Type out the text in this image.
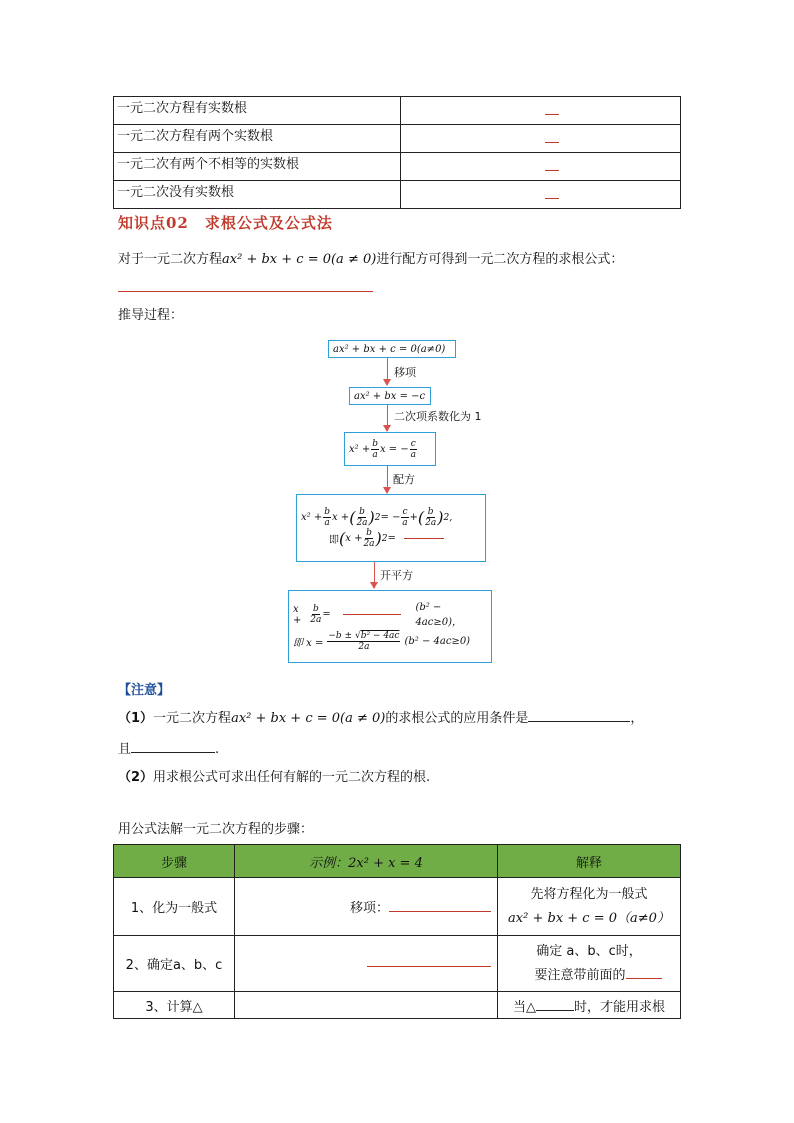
一元二次方程有实数根	

一元二次方程有两个实数根	

一元二次有两个不相等的实数根	

一元二次没有实数根	
知识点02 求根公式及公式法
对于一元二次方程ax² + bx + c = 0(a ≠ 0)进行配方可得到一元二次方程的求根公式：
推导过程：
ax² + bx + c = 0(a≠0)
移项
ax² + bx = −c
二次项系数化为 1
$x^2 + \frac{b}{a}$ x = − $\frac{c}{a}$
配方
$x^2 + \frac{b}{a}$ x + ( $\frac{b}{2a}$ ) 2 = − $\frac{c}{a}$ + ( $\frac{b}{2a}$ ) 2 ,
即 ( $x + \frac{b}{2a}$ ) 2 =
开平方
$x + \frac{b}{2a}$ =
(b² − 4ac≥0)，
即 $x = \frac{\text{−b ± √b² − 4ac}}{2a} (b^2 - 4ac\ge 0)$
【注意】
（1）一元二次方程ax² + bx + c = 0(a ≠ 0)的求根公式的应用条件是	，
且	.
（2）用求根公式可求出任何有解的一元二次方程的根.
用公式法解一元二次方程的步骤：
步骤	示例：2x² + x = 4	解释
1、化为一般式	移项：	先将方程化为一般式
ax² + bx + c = 0（a≠0）

2、确定a、b、c		确定 a、b、c时，
要注意带前面的

3、计算△		当△ 时，才能用求根
